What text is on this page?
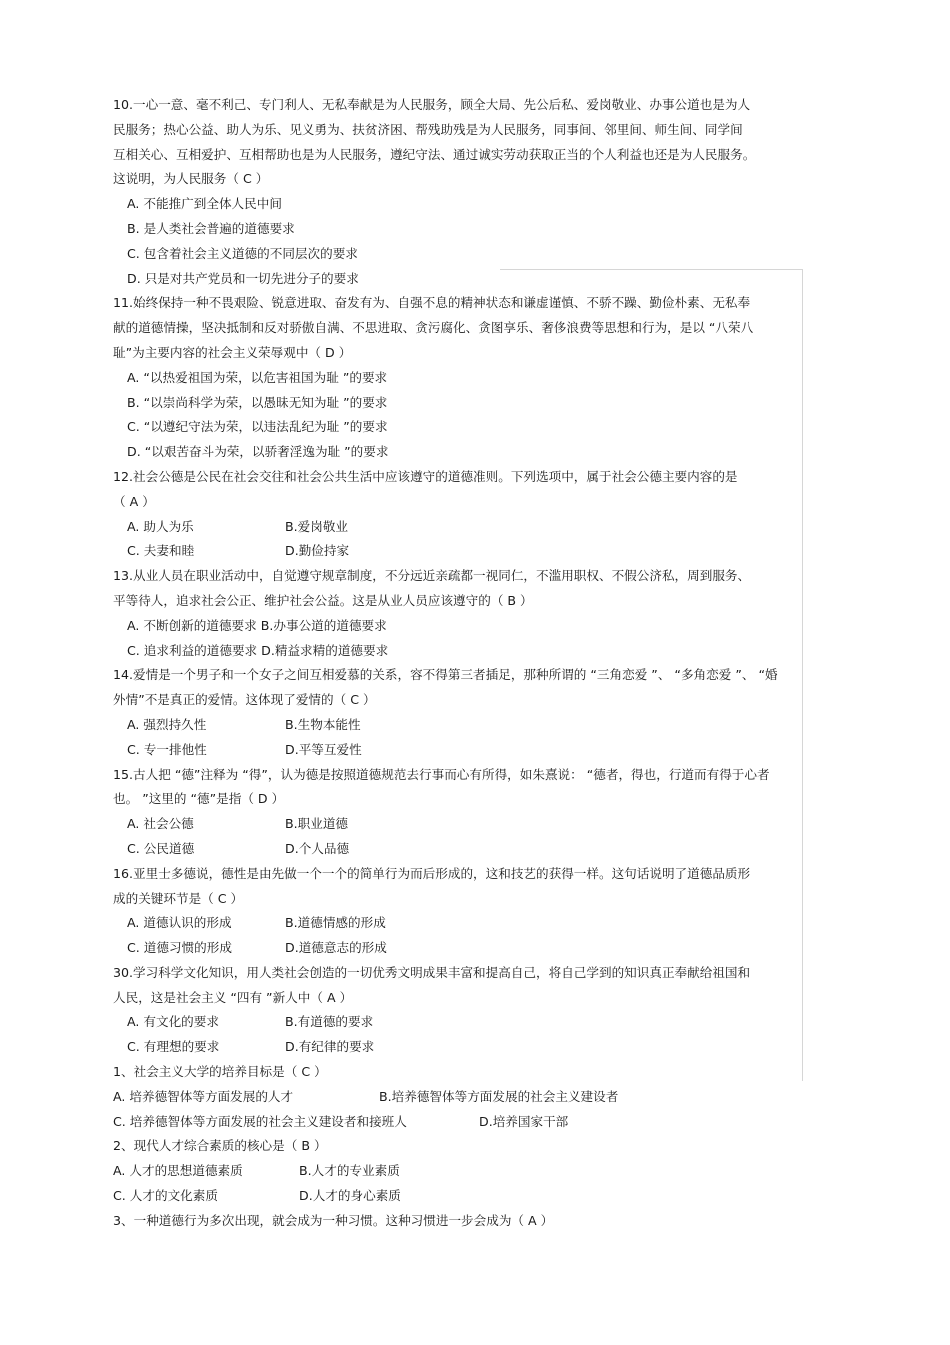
10.一心一意、毫不利己、专门利人、无私奉献是为人民服务，顾全大局、先公后私、爱岗敬业、办事公道也是为人
民服务；热心公益、助人为乐、见义勇为、扶贫济困、帮残助残是为人民服务，同事间、邻里间、师生间、同学间
互相关心、互相爱护、互相帮助也是为人民服务，遵纪守法、通过诚实劳动获取正当的个人利益也还是为人民服务。
这说明，为人民服务（ C ）
A. 不能推广到全体人民中间
B. 是人类社会普遍的道德要求
C. 包含着社会主义道德的不同层次的要求
D. 只是对共产党员和一切先进分子的要求
11.始终保持一种不畏艰险、锐意进取、奋发有为、自强不息的精神状态和谦虚谨慎、不骄不躁、勤俭朴素、无私奉
献的道德情操，坚决抵制和反对骄傲自满、不思进取、贪污腐化、贪图享乐、奢侈浪费等思想和行为，是以 “八荣八
耻”为主要内容的社会主义荣辱观中（ D ）
A. “以热爱祖国为荣，以危害祖国为耻 ”的要求
B. “以崇尚科学为荣，以愚昧无知为耻 ”的要求
C. “以遵纪守法为荣，以违法乱纪为耻 ”的要求
D. “以艰苦奋斗为荣，以骄奢淫逸为耻 ”的要求
12.社会公德是公民在社会交往和社会公共生活中应该遵守的道德准则。下列选项中，属于社会公德主要内容的是
（ A ）
A. 助人为乐	B.爱岗敬业
C. 夫妻和睦	D.勤俭持家
13.从业人员在职业活动中，自觉遵守规章制度，不分远近亲疏都一视同仁，不滥用职权、不假公济私，周到服务、
平等待人，追求社会公正、维护社会公益。这是从业人员应该遵守的（ B ）
A. 不断创新的道德要求 B.办事公道的道德要求
C. 追求利益的道德要求 D.精益求精的道德要求
14.爱情是一个男子和一个女子之间互相爱慕的关系，容不得第三者插足，那种所谓的 “三角恋爱 ”、 “多角恋爱 ”、 “婚
外情”不是真正的爱情。这体现了爱情的（ C ）
A. 强烈持久性	B.生物本能性
C. 专一排他性	D.平等互爱性
15.古人把 “德”注释为 “得”，认为德是按照道德规范去行事而心有所得，如朱熹说： “德者，得也，行道而有得于心者
也。 ”这里的 “德”是指（ D ）
A. 社会公德	B.职业道德
C. 公民道德	D.个人品德
16.亚里士多德说，德性是由先做一个一个的简单行为而后形成的，这和技艺的获得一样。这句话说明了道德品质形
成的关键环节是（ C ）
A. 道德认识的形成	B.道德情感的形成
C. 道德习惯的形成	D.道德意志的形成
30.学习科学文化知识，用人类社会创造的一切优秀文明成果丰富和提高自己，将自己学到的知识真正奉献给祖国和
人民，这是社会主义 “四有 ”新人中（ A ）
A. 有文化的要求	B.有道德的要求
C. 有理想的要求	D.有纪律的要求
1、社会主义大学的培养目标是（ C ）
A. 培养德智体等方面发展的人才	B.培养德智体等方面发展的社会主义建设者
C. 培养德智体等方面发展的社会主义建设者和接班人	D.培养国家干部
2、现代人才综合素质的核心是（ B ）
A. 人才的思想道德素质	B.人才的专业素质
C. 人才的文化素质	D.人才的身心素质
3、一种道德行为多次出现，就会成为一种习惯。这种习惯进一步会成为（ A ）
